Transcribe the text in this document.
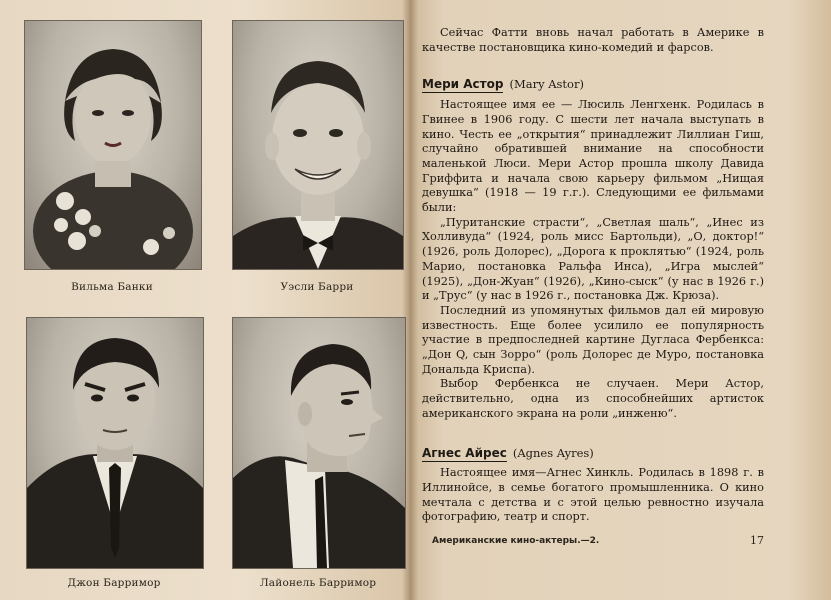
Вильма Банки	Уэсли Барри
Джон Барримор	Лайонель Барримор

Сейчас Фатти вновь начал работать в Америке в качестве постановщика кино-комедий и фарсов.

Мери Астор (Mary Astor)

Настоящее имя ее — Люсиль Ленгхенк. Родилась в Гвинее в 1906 году. С шести лет начала выступать в кино. Честь ее „открытия“ принадлежит Лиллиан Гиш, случайно обратившей внимание на способности маленькой Люси. Мери Астор прошла школу Давида Гриффита и начала свою карьеру фильмом „Нищая девушка“ (1918 — 19 г.г.). Следующими ее фильмами были:

„Пуританские страсти“, „Светлая шаль“, „Инес из Холливуда“ (1924, роль мисс Бартольди), „О, доктор!“ (1926, роль Долорес), „Дорога к проклятью“ (1924, роль Марио, постановка Ральфа Инса), „Игра мыслей“ (1925), „Дон-Жуан“ (1926), „Кино-сыск“ (у нас в 1926 г.) и „Трус“ (у нас в 1926 г., постановка Дж. Крюза).

Последний из упомянутых фильмов дал ей мировую известность. Еще более усилило ее популярность участие в предпоследней картине Дугласа Фербенкса: „Дон Q, сын Зорро“ (роль Долорес де Муро, постановка Дональда Криспа).

Выбор Фербенкса не случаен. Мери Астор, действительно, одна из способнейших артисток американского экрана на роли „инженю“.

Агнес Айрес (Agnes Ayres)

Настоящее имя—Агнес Хинкль. Родилась в 1898 г. в Иллинойсе, в семье богатого промышленника. О кино мечтала с детства и с этой целью ревностно изучала фотографию, театр и спорт.

Американские кино-актеры.—2.	17
